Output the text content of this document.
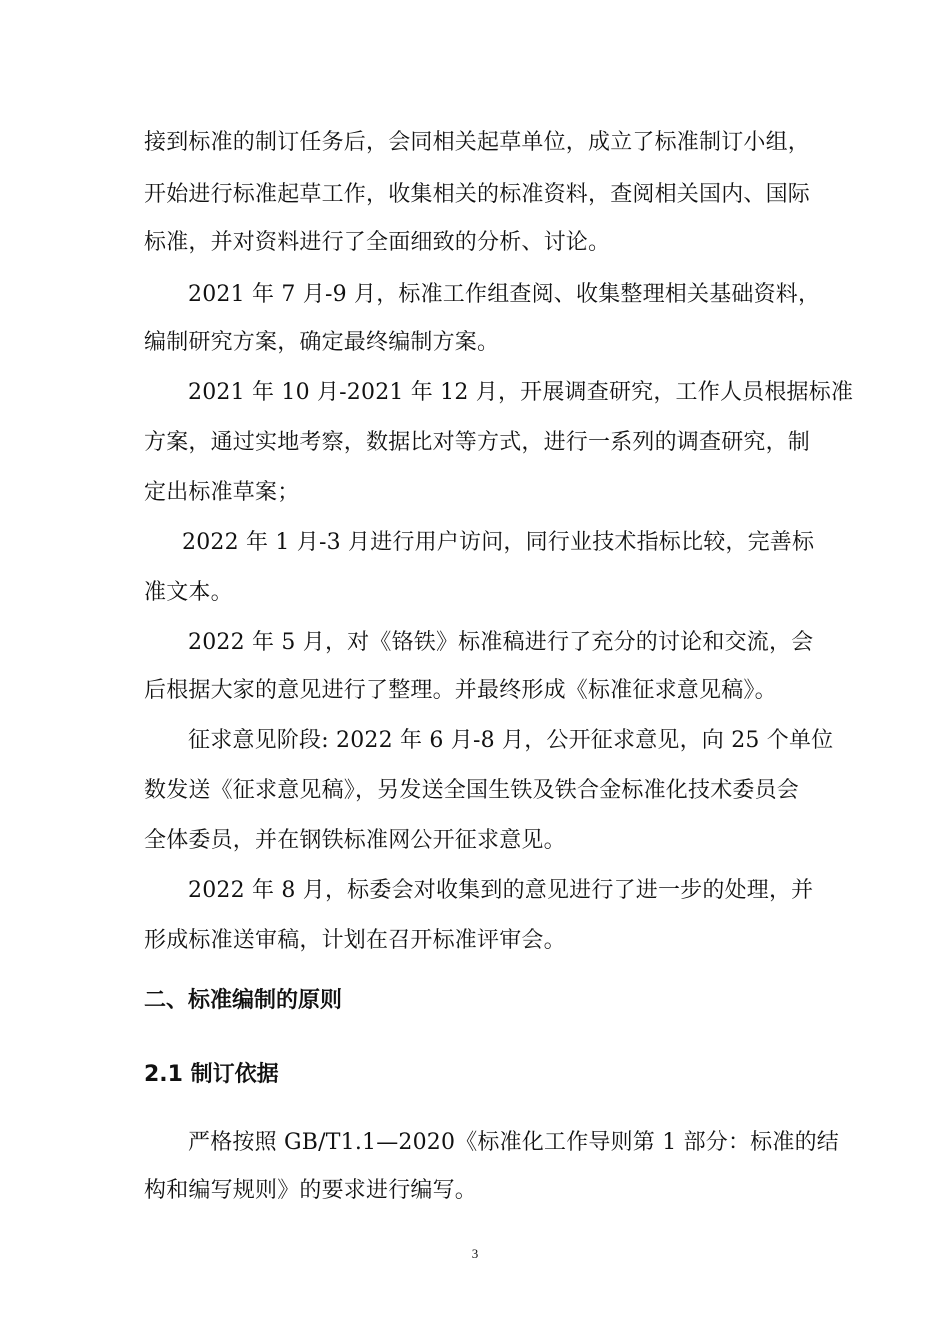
接到标准的制订任务后，会同相关起草单位，成立了标准制订小组，
开始进行标准起草工作，收集相关的标准资料，查阅相关国内、国际
标准，并对资料进行了全面细致的分析、讨论。
2021 年 7 月-9 月，标准工作组查阅、收集整理相关基础资料，
编制研究方案，确定最终编制方案。
2021 年 10 月-2021 年 12 月，开展调查研究，工作人员根据标准
方案，通过实地考察，数据比对等方式，进行一系列的调查研究，制
定出标准草案；
2022 年 1 月-3 月进行用户访问，同行业技术指标比较，完善标
准文本。
2022 年 5 月，对《铬铁》标准稿进行了充分的讨论和交流，会
后根据大家的意见进行了整理。并最终形成《标准征求意见稿》。
征求意见阶段: 2022 年 6 月-8 月，公开征求意见，向 25 个单位
数发送《征求意见稿》，另发送全国生铁及铁合金标准化技术委员会
全体委员，并在钢铁标准网公开征求意见。
2022 年 8 月，标委会对收集到的意见进行了进一步的处理，并
形成标准送审稿，计划在召开标准评审会。
二、标准编制的原则
2.1 制订依据
严格按照 GB/T1.1—2020《标准化工作导则第 1 部分：标准的结
构和编写规则》的要求进行编写。
3
